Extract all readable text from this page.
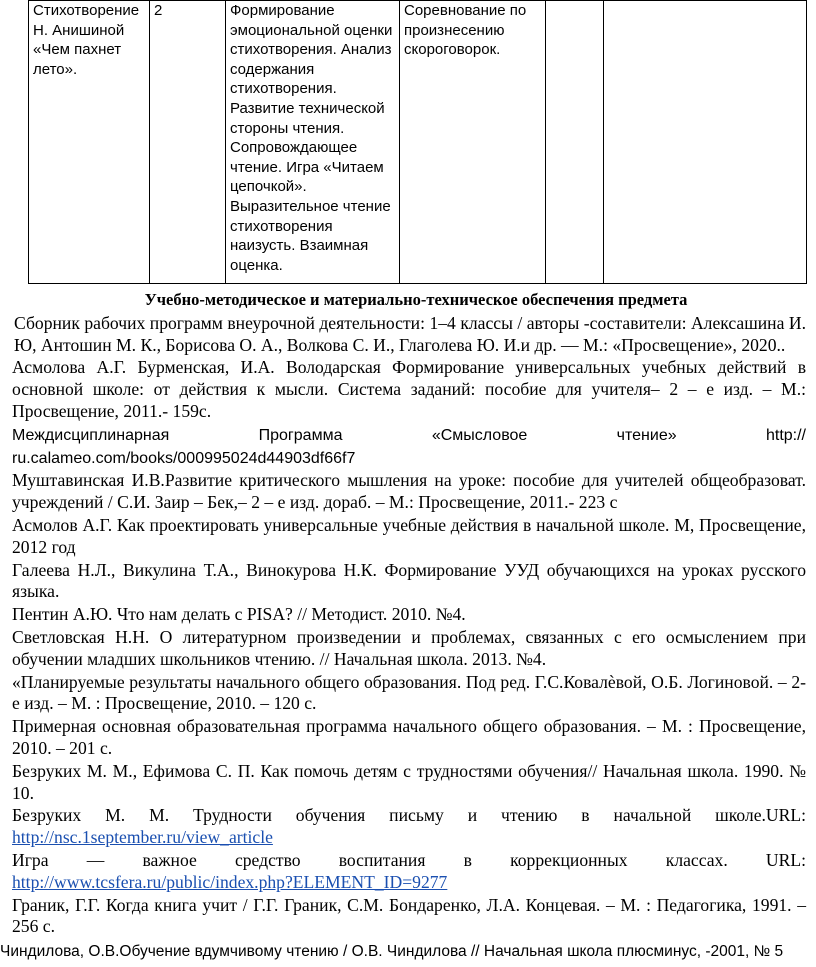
Стихотворение Н. Анишиной «Чем пахнет лето».	2	Формирование эмоциональной оценки стихотворения. Анализ содержания стихотворения. Развитие технической стороны чтения. Сопровождающее чтение. Игра «Читаем цепочкой». Выразительное чтение стихотворения наизусть. Взаимная оценка.	Соревнование по произнесению скороговорок.		
Учебно-методическое и материально-техническое обеспечения предмета

Сборник рабочих программ внеурочной деятельности: 1–4 классы / авторы -составители: Алексашина И. Ю, Антошин М. К., Борисова О. А., Волкова С. И., Глаголева Ю. И.и др. — М.: «Просвещение», 2020..

Асмолова А.Г. Бурменская, И.А. Володарская Формирование универсальных учебных действий в основной школе: от действия к мысли. Система заданий: пособие для учителя– 2 – е изд. – М.: Просвещение, 2011.- 159с.

Междисциплинарная Программа «Смысловое чтение» http:// ru.calameo.com/books/000995024d44903df66f7

Муштавинская И.В.Развитие критического мышления на уроке: пособие для учителей общеобразоват. учреждений / С.И. Заир – Бек,– 2 – е изд. дораб. – М.: Просвещение, 2011.- 223 с

Асмолов А.Г. Как проектировать универсальные учебные действия в начальной школе. М, Просвещение, 2012 год

Галеева Н.Л., Викулина Т.А., Винокурова Н.К. Формирование УУД обучающихся на уроках русского языка.

Пентин А.Ю. Что нам делать с PISA? // Методист. 2010. №4.

Светловская Н.Н. О литературном произведении и проблемах, связанных с его осмыслением при обучении младших школьников чтению. // Начальная школа. 2013. №4.

«Планируемые результаты начального общего образования. Под ред. Г.С.Ковалѐвой, О.Б. Логиновой. – 2-е изд. – М. : Просвещение, 2010. – 120 с.

Примерная основная образовательная программа начального общего образования. – М. : Просвещение, 2010. – 201 с.

Безруких М. М., Ефимова С. П. Как помочь детям с трудностями обучения// Начальная школа. 1990. № 10.

Безруких М. М. Трудности обучения письму и чтению в начальной школе.URL:
http://nsc.1september.ru/view_article

Игра — важное средство воспитания в коррекционных классах. URL:
http://www.tcsfera.ru/public/index.php?ELEMENT_ID=9277

Граник, Г.Г. Когда книга учит / Г.Г. Граник, С.М. Бондаренко, Л.А. Концевая. – М. : Педагогика, 1991. – 256 с.

Чиндилова, О.В.Обучение вдумчивому чтению / О.В. Чиндилова // Начальная школа плюсминус, -2001, № 5
